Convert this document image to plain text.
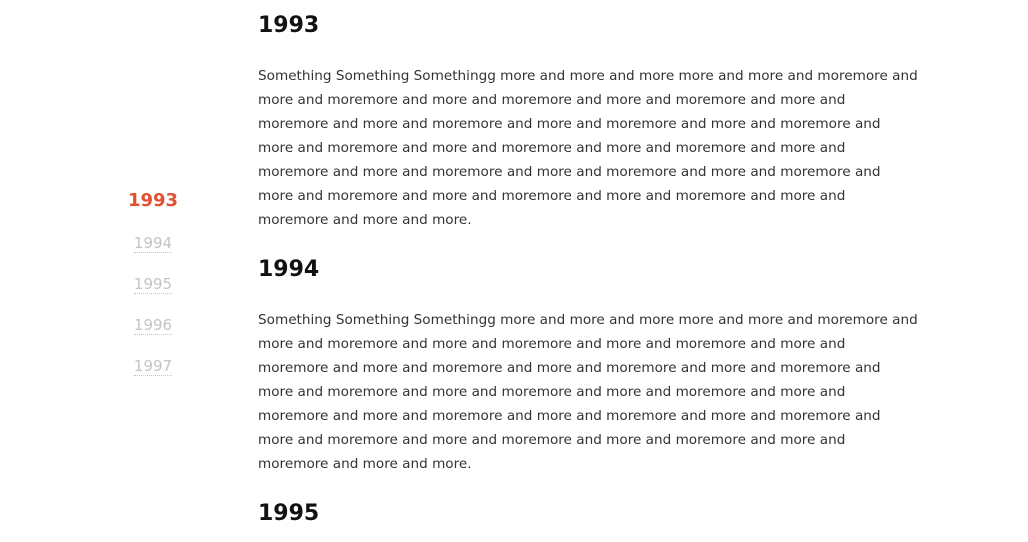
1993
1994
1995
1996
1997
1993

Something Something Somethingg more and more and more more and more and moremore and more and moremore and more and moremore and more and moremore and more and moremore and more and moremore and more and moremore and more and moremore and more and moremore and more and moremore and more and moremore and more and moremore and more and moremore and more and moremore and more and moremore and more and moremore and more and moremore and more and moremore and more and moremore and more and more.

1994

Something Something Somethingg more and more and more more and more and moremore and more and moremore and more and moremore and more and moremore and more and moremore and more and moremore and more and moremore and more and moremore and more and moremore and more and moremore and more and moremore and more and moremore and more and moremore and more and moremore and more and moremore and more and moremore and more and moremore and more and moremore and more and moremore and more and more.

1995
